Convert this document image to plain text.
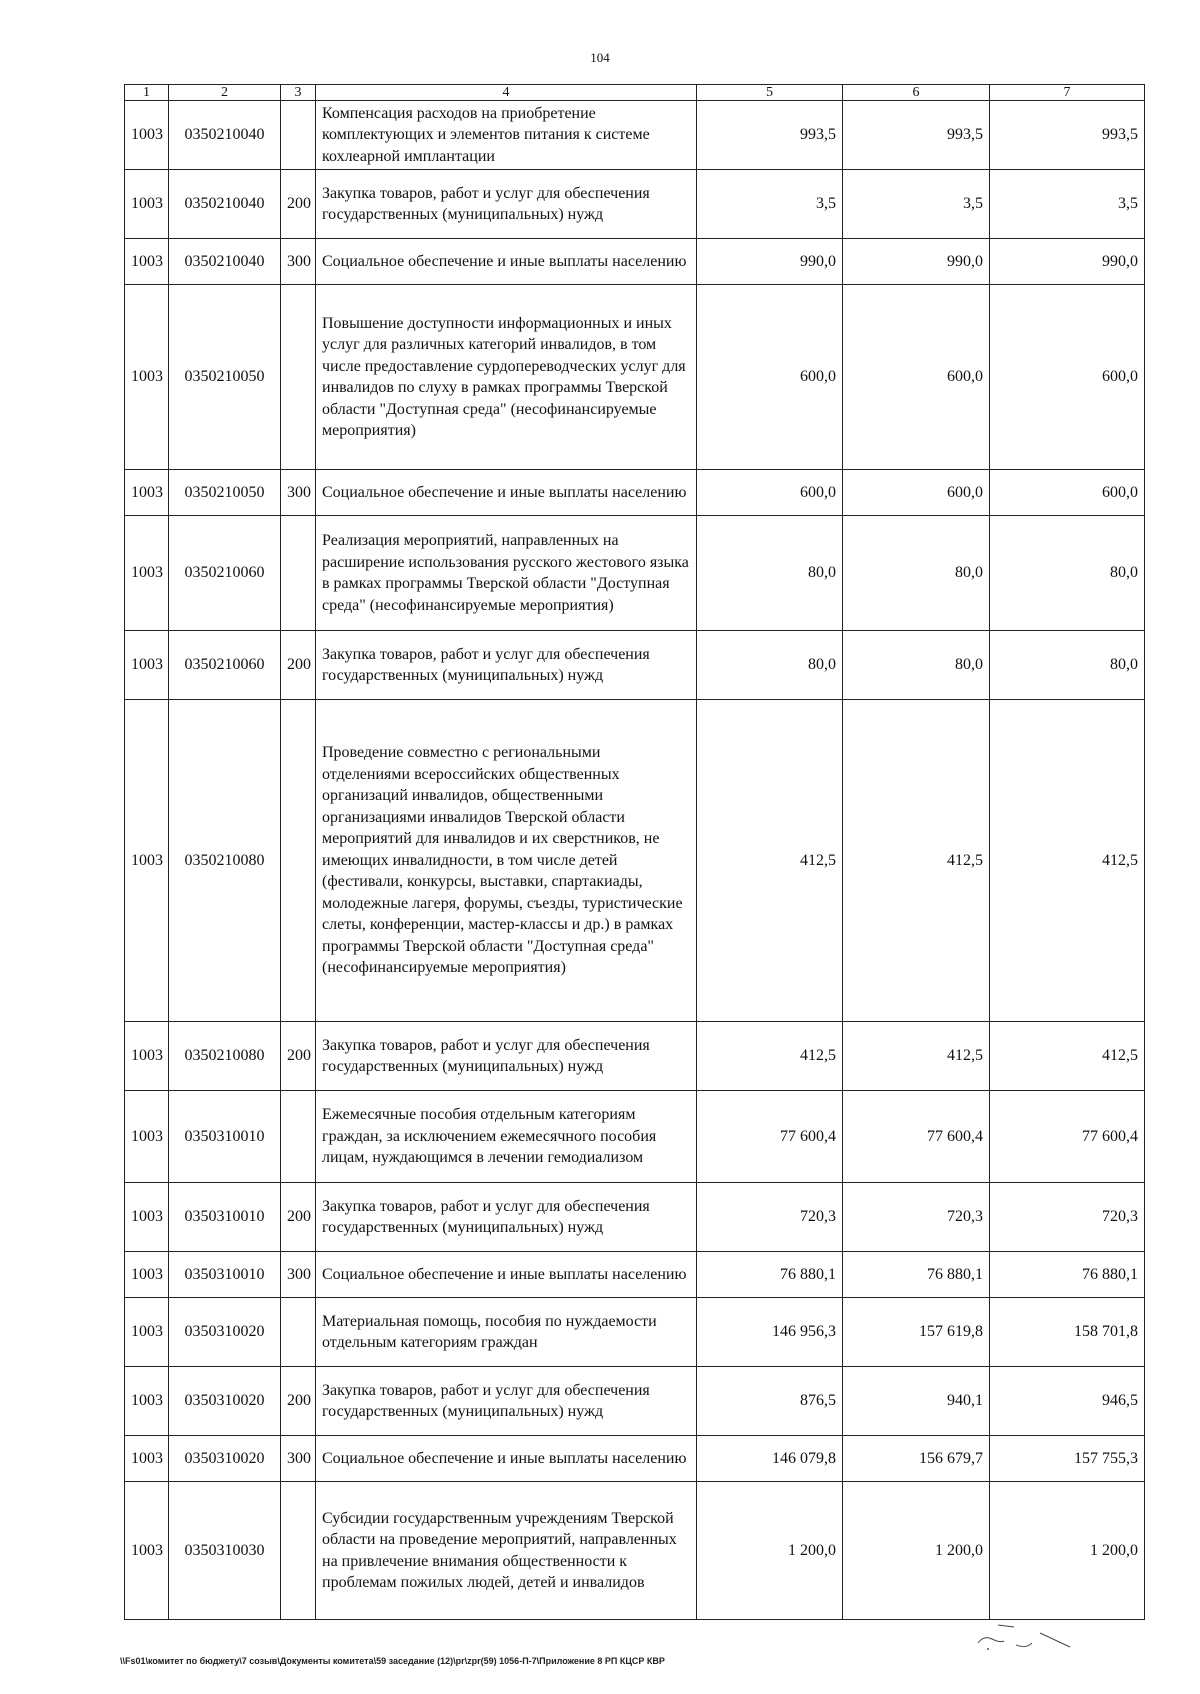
104
1	2	3	4	5	6	7
1003	0350210040		Компенсация расходов на приобретение комплектующих и элементов питания к системе кохлеарной имплантации	993,5	993,5	993,5
1003	0350210040	200	Закупка товаров, работ и услуг для обеспечения государственных (муниципальных) нужд	3,5	3,5	3,5
1003	0350210040	300	Социальное обеспечение и иные выплаты населению	990,0	990,0	990,0
1003	0350210050		Повышение доступности информационных и иных услуг для различных категорий инвалидов, в том числе предоставление сурдопереводческих услуг для инвалидов по слуху в рамках программы Тверской области "Доступная среда" (несофинансируемые мероприятия)	600,0	600,0	600,0
1003	0350210050	300	Социальное обеспечение и иные выплаты населению	600,0	600,0	600,0
1003	0350210060		Реализация мероприятий, направленных на расширение использования русского жестового языка в рамках программы Тверской области "Доступная среда" (несофинансируемые мероприятия)	80,0	80,0	80,0
1003	0350210060	200	Закупка товаров, работ и услуг для обеспечения государственных (муниципальных) нужд	80,0	80,0	80,0
1003	0350210080		Проведение совместно с региональными отделениями всероссийских общественных организаций инвалидов, общественными организациями инвалидов Тверской области мероприятий для инвалидов и их сверстников, не имеющих инвалидности, в том числе детей (фестивали, конкурсы, выставки, спартакиады, молодежные лагеря, форумы, съезды, туристические слеты, конференции, мастер-классы и др.) в рамках программы Тверской области "Доступная среда" (несофинансируемые мероприятия)	412,5	412,5	412,5
1003	0350210080	200	Закупка товаров, работ и услуг для обеспечения государственных (муниципальных) нужд	412,5	412,5	412,5
1003	0350310010		Ежемесячные пособия отдельным категориям граждан, за исключением ежемесячного пособия лицам, нуждающимся в лечении гемодиализом	77 600,4	77 600,4	77 600,4
1003	0350310010	200	Закупка товаров, работ и услуг для обеспечения государственных (муниципальных) нужд	720,3	720,3	720,3
1003	0350310010	300	Социальное обеспечение и иные выплаты населению	76 880,1	76 880,1	76 880,1
1003	0350310020		Материальная помощь, пособия по нуждаемости отдельным категориям граждан	146 956,3	157 619,8	158 701,8
1003	0350310020	200	Закупка товаров, работ и услуг для обеспечения государственных (муниципальных) нужд	876,5	940,1	946,5
1003	0350310020	300	Социальное обеспечение и иные выплаты населению	146 079,8	156 679,7	157 755,3
1003	0350310030		Субсидии государственным учреждениям Тверской области на проведение мероприятий, направленных на привлечение внимания общественности к проблемам пожилых людей, детей и инвалидов	1 200,0	1 200,0	1 200,0
\\Fs01\комитет по бюджету\7 созыв\Документы комитета\59 заседание (12)\pr\zpr(59) 1056-П-7\Приложение 8 РП КЦСР КВР
